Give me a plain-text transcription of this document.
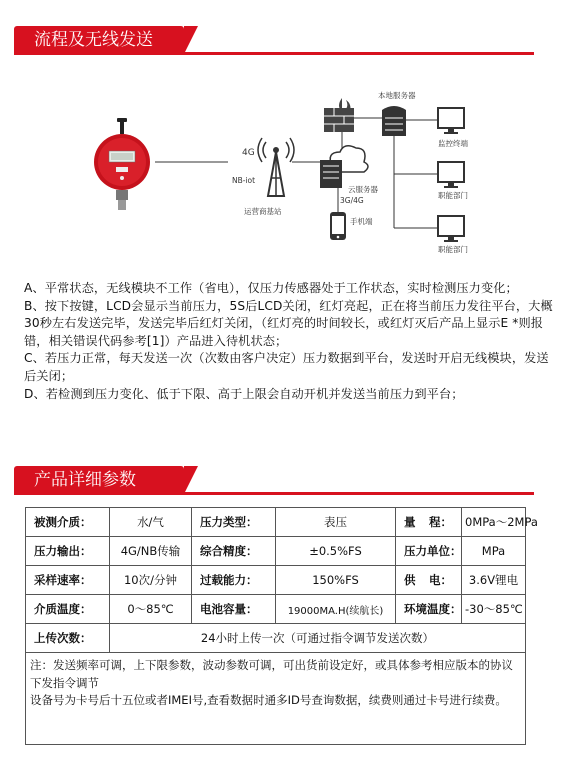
流程及无线发送
4G
NB-iot
运营商基站
本地服务器
云服务器
3G/4G
手机端
监控终端
职能部门
职能部门

A、平常状态，无线模块不工作（省电），仅压力传感器处于工作状态，实时检测压力变化；

B、按下按键，LCD会显示当前压力，5S后LCD关闭，红灯亮起，正在将当前压力发往平台，大概30秒左右发送完毕，发送完毕后红灯关闭，（红灯亮的时间较长，或红灯灭后产品上显示E *则报错，相关错误代码参考[1]）产品进入待机状态；

C、若压力正常，每天发送一次（次数由客户决定）压力数据到平台，发送时开启无线模块，发送后关闭；

D、若检测到压力变化、低于下限、高于上限会自动开机并发送当前压力到平台；

产品详细参数
被测介质：	水/气	压力类型：	表压	量 程：	0MPa～2MPa
压力输出：	4G/NB传输	综合精度：	±0.5%FS	压力单位：	MPa
采样速率：	10次/分钟	过载能力：	150%FS	供 电：	3.6V锂电
介质温度：	0～85℃	电池容量：	19000MA.H(续航长)	环境温度：	-30～85℃
上传次数：	24小时上传一次（可通过指令调节发送次数）				

注：发送频率可调，上下限参数，波动参数可调，可出货前设定好，或具体参考相应版本的协议下发指令调节
设备号为卡号后十五位或者IMEI号,查看数据时通多ID号查询数据，续费则通过卡号进行续费。					
